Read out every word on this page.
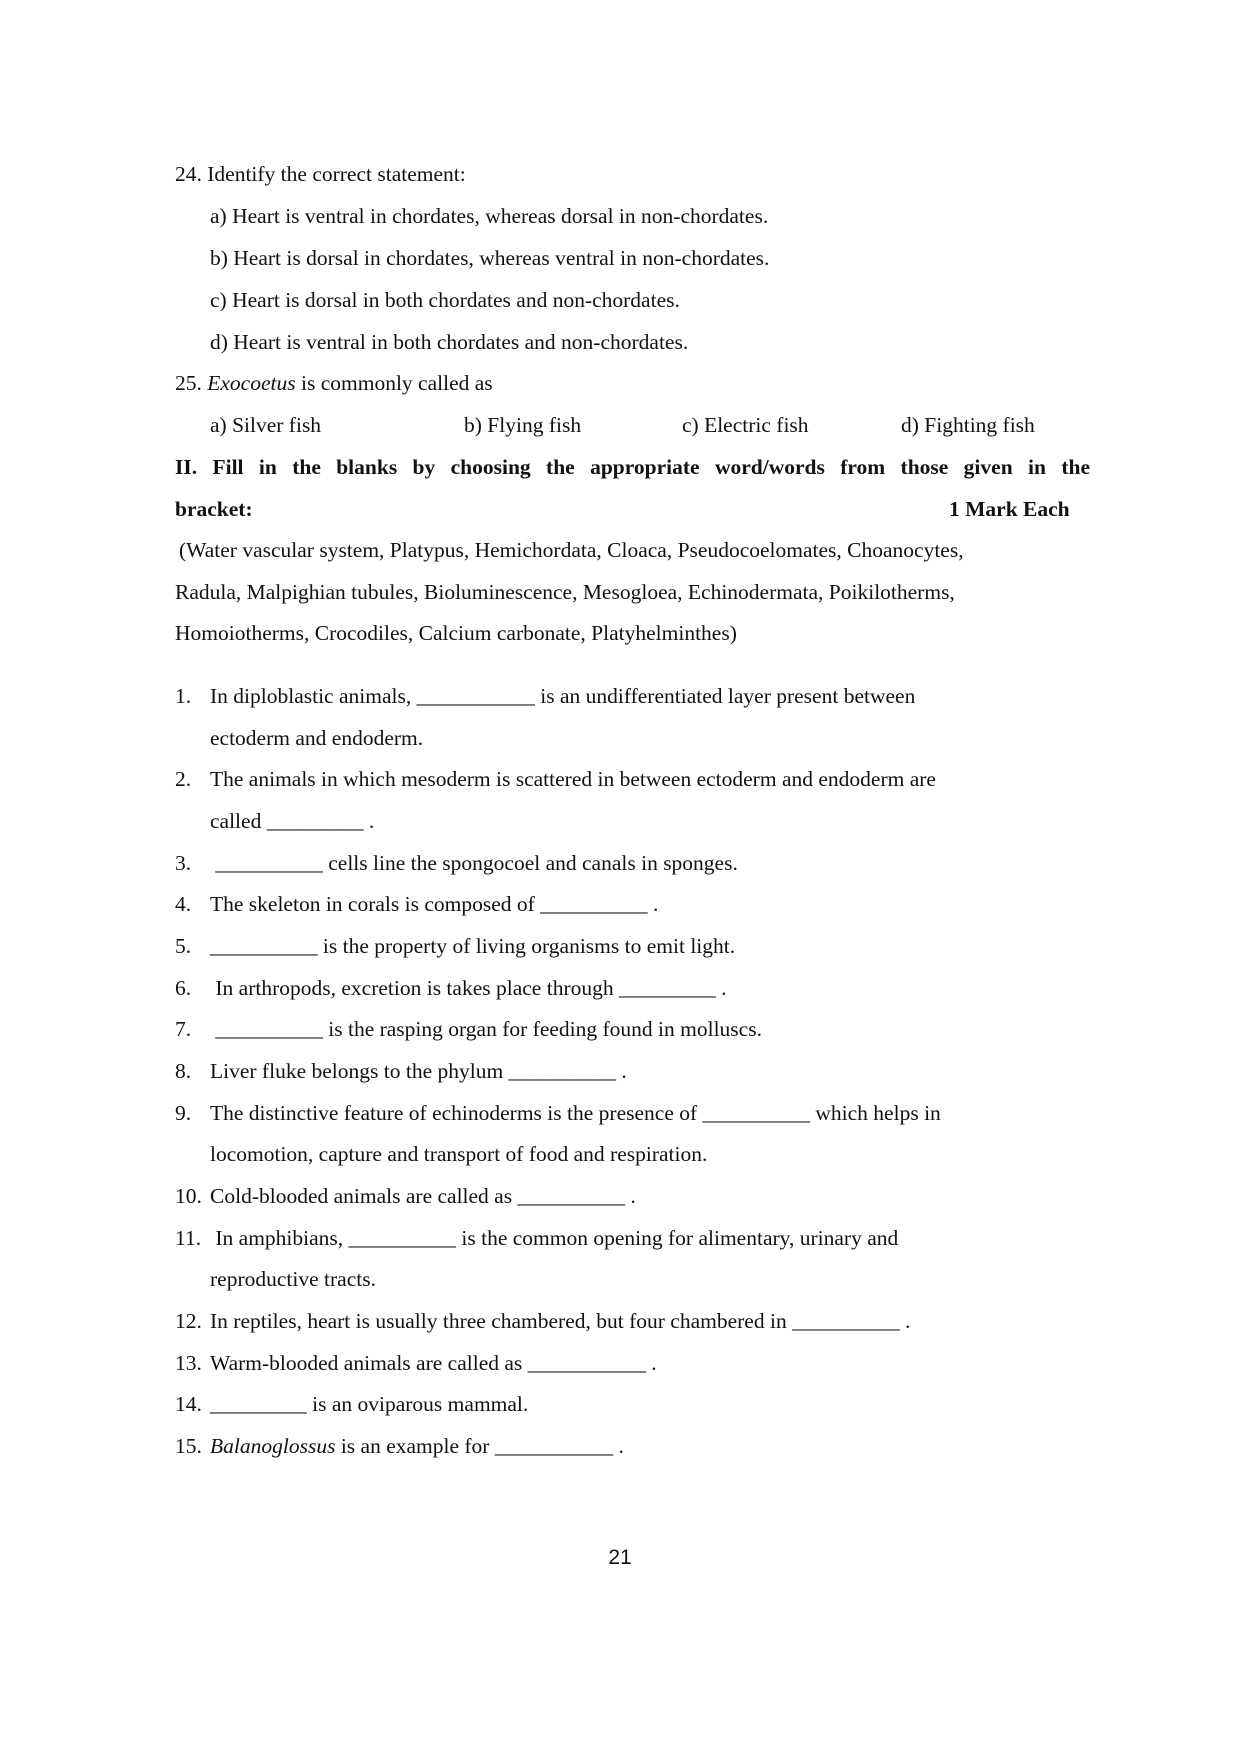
24. Identify the correct statement:
a) Heart is ventral in chordates, whereas dorsal in non-chordates.
b) Heart is dorsal in chordates, whereas ventral in non-chordates.
c) Heart is dorsal in both chordates and non-chordates.
d) Heart is ventral in both chordates and non-chordates.
25. Exocoetus is commonly called as
a) Silver fish	b) Flying fish	c) Electric fish	d) Fighting fish
II. Fill in the blanks by choosing the appropriate word/words from those given in the
bracket:	1 Mark Each
(Water vascular system, Platypus, Hemichordata, Cloaca, Pseudocoelomates, Choanocytes,
Radula, Malpighian tubules, Bioluminescence, Mesogloea, Echinodermata, Poikilotherms,
Homoiotherms, Crocodiles, Calcium carbonate, Platyhelminthes)
1. In diploblastic animals, ___________ is an undifferentiated layer present between
ectoderm and endoderm.
2. The animals in which mesoderm is scattered in between ectoderm and endoderm are
called _________ .
3. __________ cells line the spongocoel and canals in sponges.
4. The skeleton in corals is composed of __________ .
5. __________ is the property of living organisms to emit light.
6. In arthropods, excretion is takes place through _________ .
7. __________ is the rasping organ for feeding found in molluscs.
8. Liver fluke belongs to the phylum __________ .
9. The distinctive feature of echinoderms is the presence of __________ which helps in
locomotion, capture and transport of food and respiration.
10. Cold-blooded animals are called as __________ .
11. In amphibians, __________ is the common opening for alimentary, urinary and
reproductive tracts.
12. In reptiles, heart is usually three chambered, but four chambered in __________ .
13. Warm-blooded animals are called as ___________ .
14. _________ is an oviparous mammal.
15. Balanoglossus is an example for ___________ .
21
